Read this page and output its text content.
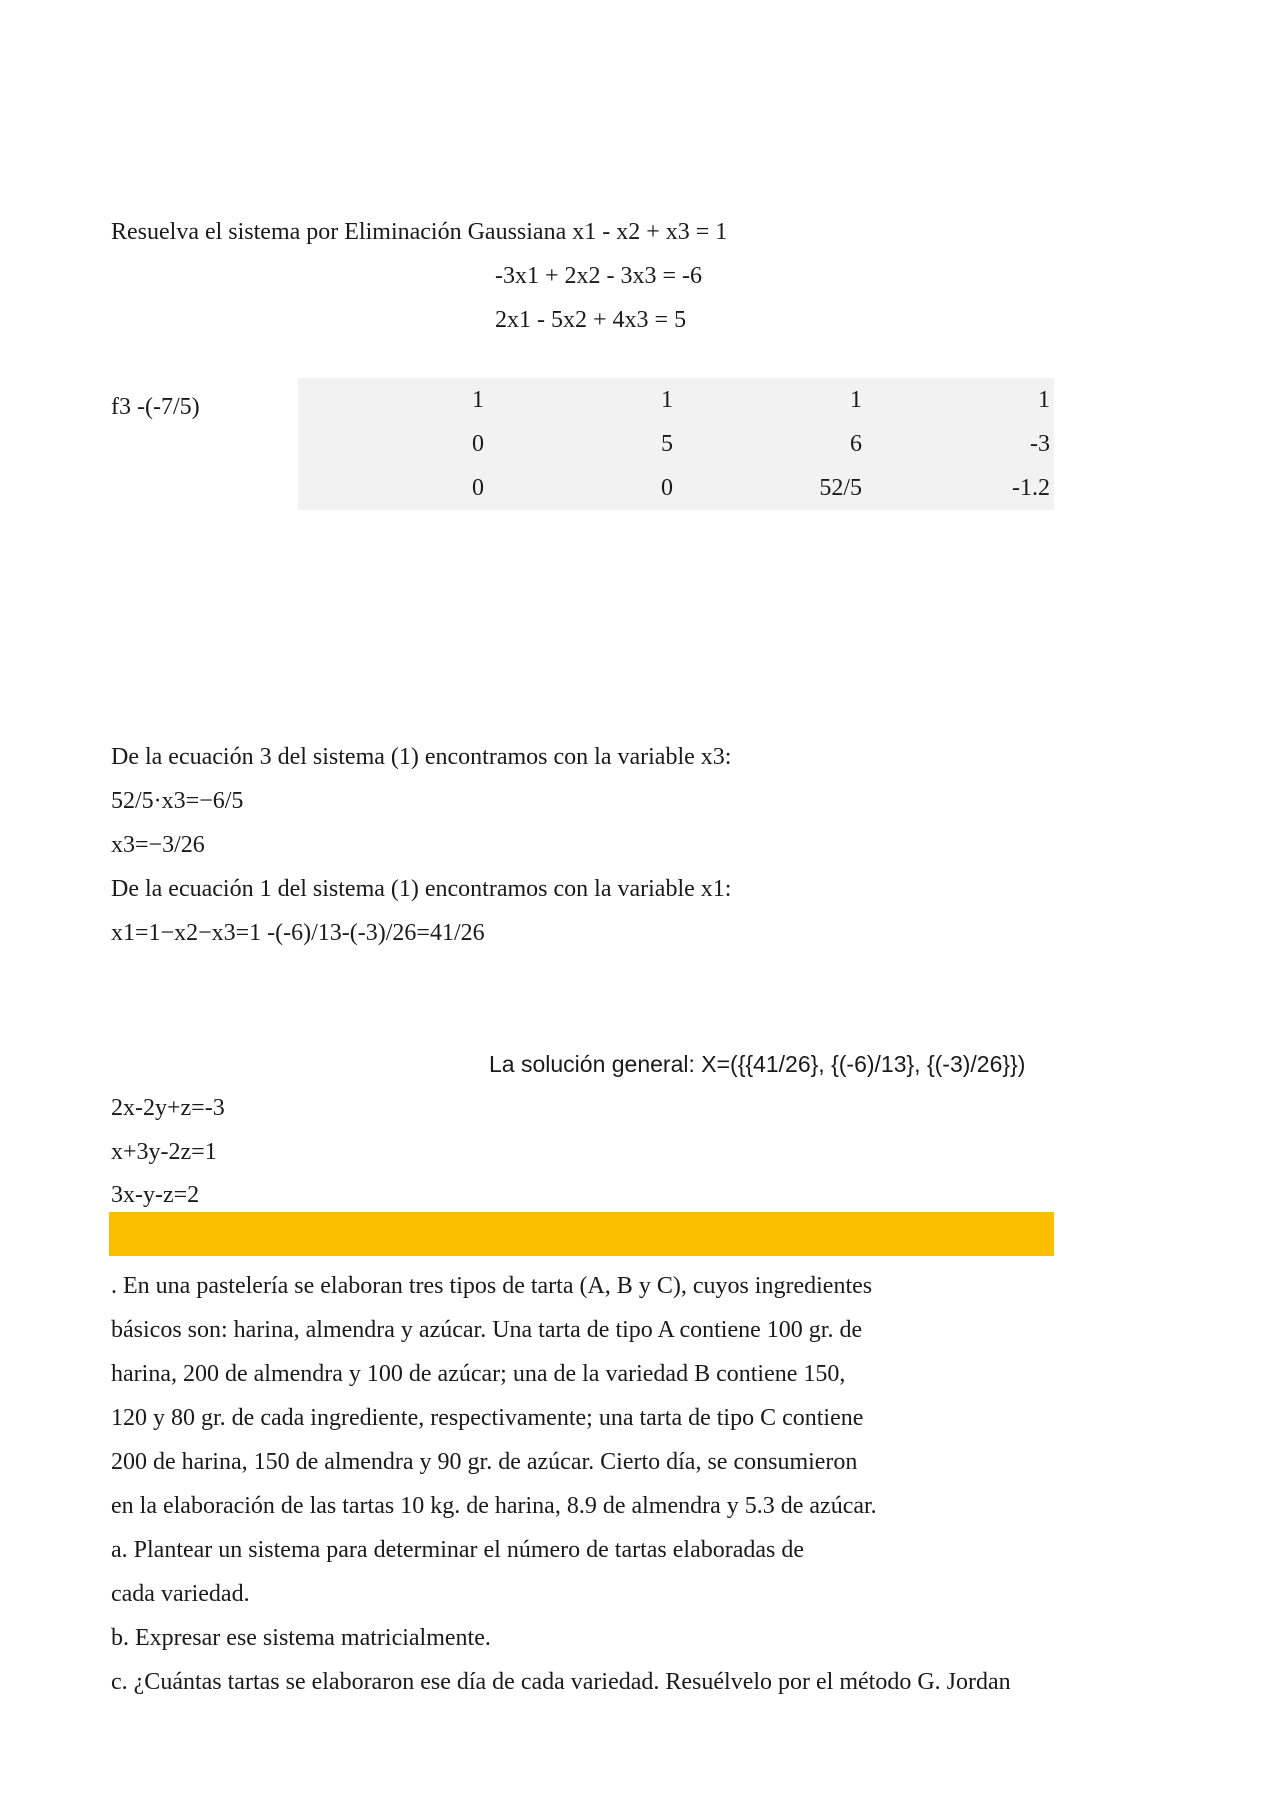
Resuelva el sistema por Eliminación Gaussiana x1 - x2 + x3 = 1
-3x1 + 2x2 - 3x3 = -6
2x1 - 5x2 + 4x3 = 5
f3 -(-7/5)	1	1	1	1
0	5	6	-3
0	0	52/5	-1.2
De la ecuación 3 del sistema (1) encontramos con la variable x3:
52/5·x3=−6/5
x3=−3/26
De la ecuación 1 del sistema (1) encontramos con la variable x1:
x1=1−x2−x3=1 -(-6)/13-(-3)/26=41/26
La solución general: X=({{41/26}, {(-6)/13}, {(-3)/26}})
2x-2y+z=-3
x+3y-2z=1
3x-y-z=2
. En una pastelería se elaboran tres tipos de tarta (A, B y C), cuyos ingredientes
básicos son: harina, almendra y azúcar. Una tarta de tipo A contiene 100 gr. de
harina, 200 de almendra y 100 de azúcar; una de la variedad B contiene 150,
120 y 80 gr. de cada ingrediente, respectivamente; una tarta de tipo C contiene
200 de harina, 150 de almendra y 90 gr. de azúcar. Cierto día, se consumieron
en la elaboración de las tartas 10 kg. de harina, 8.9 de almendra y 5.3 de azúcar.
a. Plantear un sistema para determinar el número de tartas elaboradas de
cada variedad.
b. Expresar ese sistema matricialmente.
c. ¿Cuántas tartas se elaboraron ese día de cada variedad. Resuélvelo por el método G. Jordan
